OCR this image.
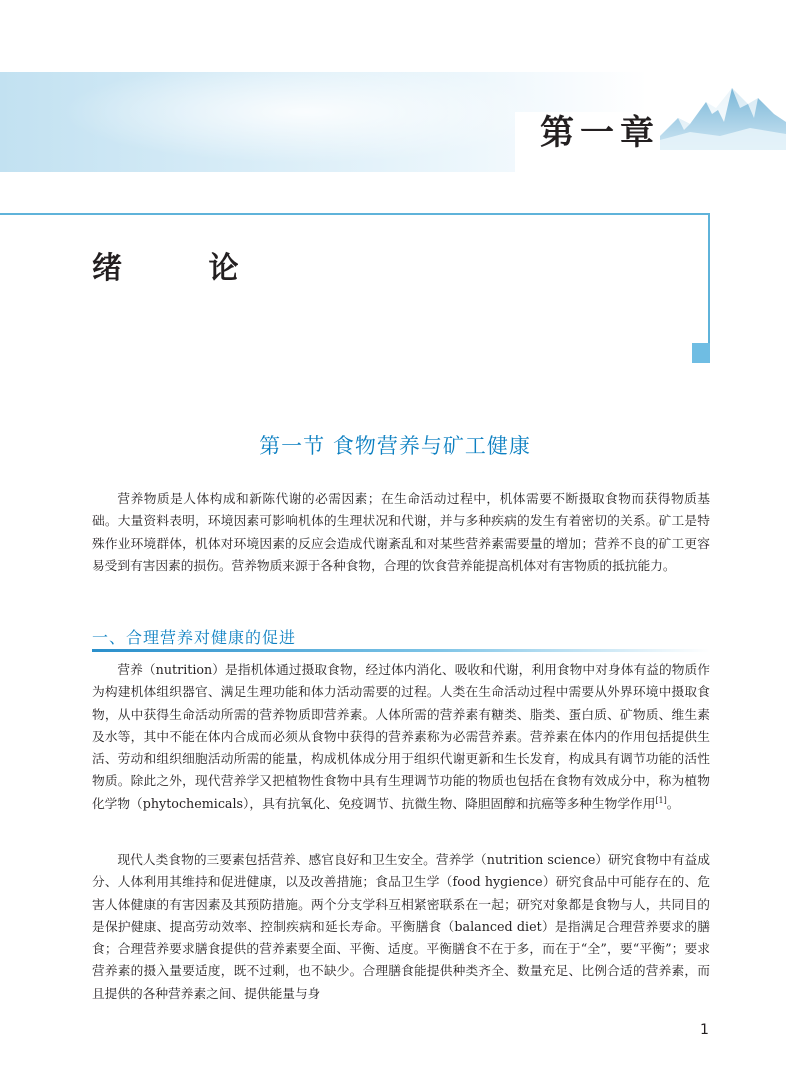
第一章
绪 论
第一节 食物营养与矿工健康

营养物质是人体构成和新陈代谢的必需因素；在生命活动过程中，机体需要不断摄取食物而获得物质基础。大量资料表明，环境因素可影响机体的生理状况和代谢，并与多种疾病的发生有着密切的关系。矿工是特殊作业环境群体，机体对环境因素的反应会造成代谢紊乱和对某些营养素需要量的增加；营养不良的矿工更容易受到有害因素的损伤。营养物质来源于各种食物，合理的饮食营养能提高机体对有害物质的抵抗能力。

一、合理营养对健康的促进

营养（nutrition）是指机体通过摄取食物，经过体内消化、吸收和代谢，利用食物中对身体有益的物质作为构建机体组织器官、满足生理功能和体力活动需要的过程。人类在生命活动过程中需要从外界环境中摄取食物，从中获得生命活动所需的营养物质即营养素。人体所需的营养素有糖类、脂类、蛋白质、矿物质、维生素及水等，其中不能在体内合成而必须从食物中获得的营养素称为必需营养素。营养素在体内的作用包括提供生活、劳动和组织细胞活动所需的能量，构成机体成分用于组织代谢更新和生长发育，构成具有调节功能的活性物质。除此之外，现代营养学又把植物性食物中具有生理调节功能的物质也包括在食物有效成分中，称为植物化学物（phytochemicals），具有抗氧化、免疫调节、抗微生物、降胆固醇和抗癌等多种生物学作用[1]。

现代人类食物的三要素包括营养、感官良好和卫生安全。营养学（nutrition science）研究食物中有益成分、人体利用其维持和促进健康，以及改善措施；食品卫生学（food hygience）研究食品中可能存在的、危害人体健康的有害因素及其预防措施。两个分支学科互相紧密联系在一起；研究对象都是食物与人，共同目的是保护健康、提高劳动效率、控制疾病和延长寿命。平衡膳食（balanced diet）是指满足合理营养要求的膳食；合理营养要求膳食提供的营养素要全面、平衡、适度。平衡膳食不在于多，而在于“全”，要“平衡”；要求营养素的摄入量要适度，既不过剩，也不缺少。合理膳食能提供种类齐全、数量充足、比例合适的营养素，而且提供的各种营养素之间、提供能量与身

1
